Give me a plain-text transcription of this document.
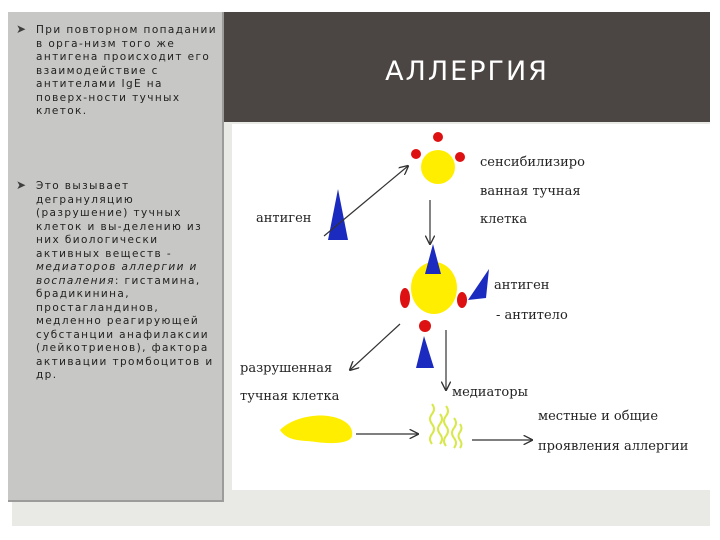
АЛЛЕРГИЯ
➤ При повторном попадании в орга-низм того же антигена происходит его взаимодействие с антителами IgE на поверх-ности тучных клеток.

➤ Это вызывает дегрануляцию (разрушение) тучных клеток и вы-делению из них биологически активных веществ - медиаторов аллергии и воспаления: гистамина, брадикинина, простагландинов, медленно реагирующей субстанции анафилаксии (лейкотриенов), фактора активации тромбоцитов и др.

сенсибилизиро
ванная тучная
клетка
антиген
антиген
- антитело
разрушенная
тучная клетка	медиаторы
местные и общие
проявления аллергии
